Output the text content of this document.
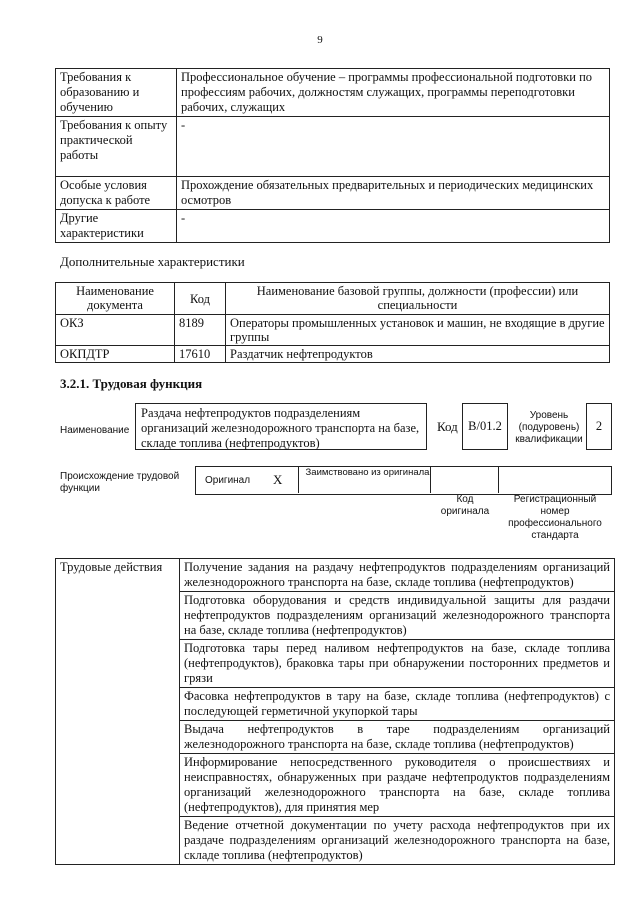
9
Требования к образованию и обучению	Профессиональное обучение – программы профессиональной подготовки по профессиям рабочих, должностям служащих, программы переподготовки рабочих, служащих
Требования к опыту практической работы	-
Особые условия допуска к работе	Прохождение обязательных предварительных и периодических медицинских осмотров
Другие характеристики	-
Дополнительные характеристики
Наименование документа	Код	Наименование базовой группы, должности (профессии) или специальности
ОКЗ	8189	Операторы промышленных установок и машин, не входящие в другие группы
ОКПДТР	17610	Раздатчик нефтепродуктов
3.2.1. Трудовая функция
Наименование
Раздача нефтепродуктов подразделениям организаций железнодорожного транспорта на базе, складе топлива (нефтепродуктов)
Код В/01.2
Уровень (подуровень) квалификации
2
Происхождение трудовой функции
Оригинал X Заимствовано из оригинала
Код оригинала
Регистрационный номер профессионального стандарта
Трудовые действия	Получение задания на раздачу нефтепродуктов подразделениям организаций железнодорожного транспорта на базе, складе топлива (нефтепродуктов)
Подготовка оборудования и средств индивидуальной защиты для раздачи нефтепродуктов подразделениям организаций железнодорожного транспорта на базе, складе топлива (нефтепродуктов)
Подготовка тары перед наливом нефтепродуктов на базе, складе топлива (нефтепродуктов), браковка тары при обнаружении посторонних предметов и грязи
Фасовка нефтепродуктов в тару на базе, складе топлива (нефтепродуктов) с последующей герметичной укупоркой тары
Выдача нефтепродуктов в таре подразделениям организаций железнодорожного транспорта на базе, складе топлива (нефтепродуктов)
Информирование непосредственного руководителя о происшествиях и неисправностях, обнаруженных при раздаче нефтепродуктов подразделениям организаций железнодорожного транспорта на базе, складе топлива (нефтепродуктов), для принятия мер
Ведение отчетной документации по учету расхода нефтепродуктов при их раздаче подразделениям организаций железнодорожного транспорта на базе, складе топлива (нефтепродуктов)
